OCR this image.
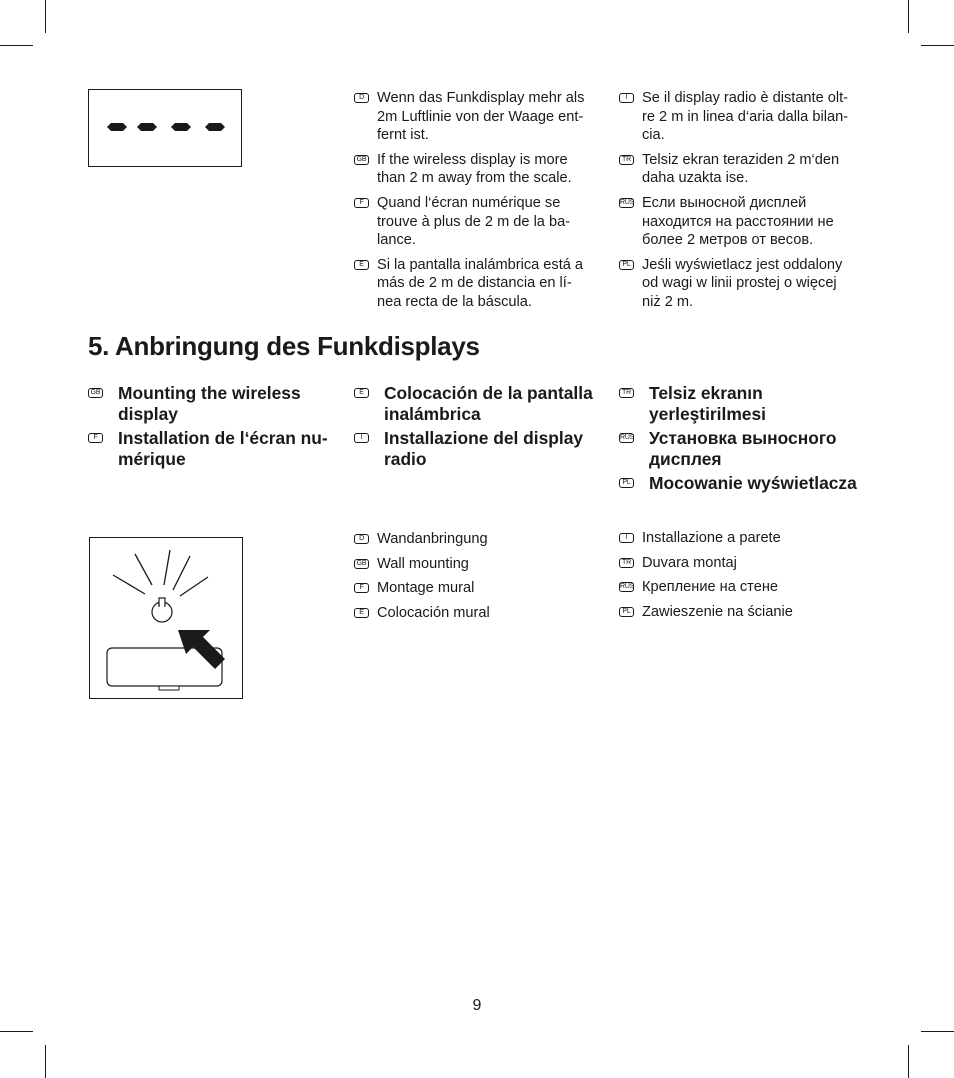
D Wenn das Funkdisplay mehr als
2m Luftlinie von der Waage ent-
fernt ist.
GB If the wireless display is more
than 2 m away from the scale.
F Quand l‘écran numérique se
trouve à plus de 2 m de la ba-
lance.
E Si la pantalla inalámbrica está a
más de 2 m de distancia en lí-
nea recta de la báscula.
I	Se il display radio è distante olt-
re 2 m in linea d‘aria dalla bilan-
cia.
TR Telsiz ekran teraziden 2 m‘den
daha uzakta ise.
RUS Если выносной дисплей
находится на расстоянии не
более 2 метров от весов.
PL Jeśli wyświetlacz jest oddalony
od wagi w linii prostej o więcej
niż 2 m.
5. Anbringung des Funkdisplays
GB Mounting the wireless
display
F	Installation de l‘écran nu-
mérique
E	Colocación de la pantalla
inalámbrica
I	Installazione del display
radio
TR Telsiz ekranın
yerleştirilmesi
RUS Установка выносного
дисплея
PL Mocowanie wyświetlacza
D Wandanbringung
GB Wall mounting
F Montage mural
E Colocación mural
I	Installazione a parete
TR Duvara montaj
RUS Крепление на стене
PL Zawieszenie na ścianie
9
